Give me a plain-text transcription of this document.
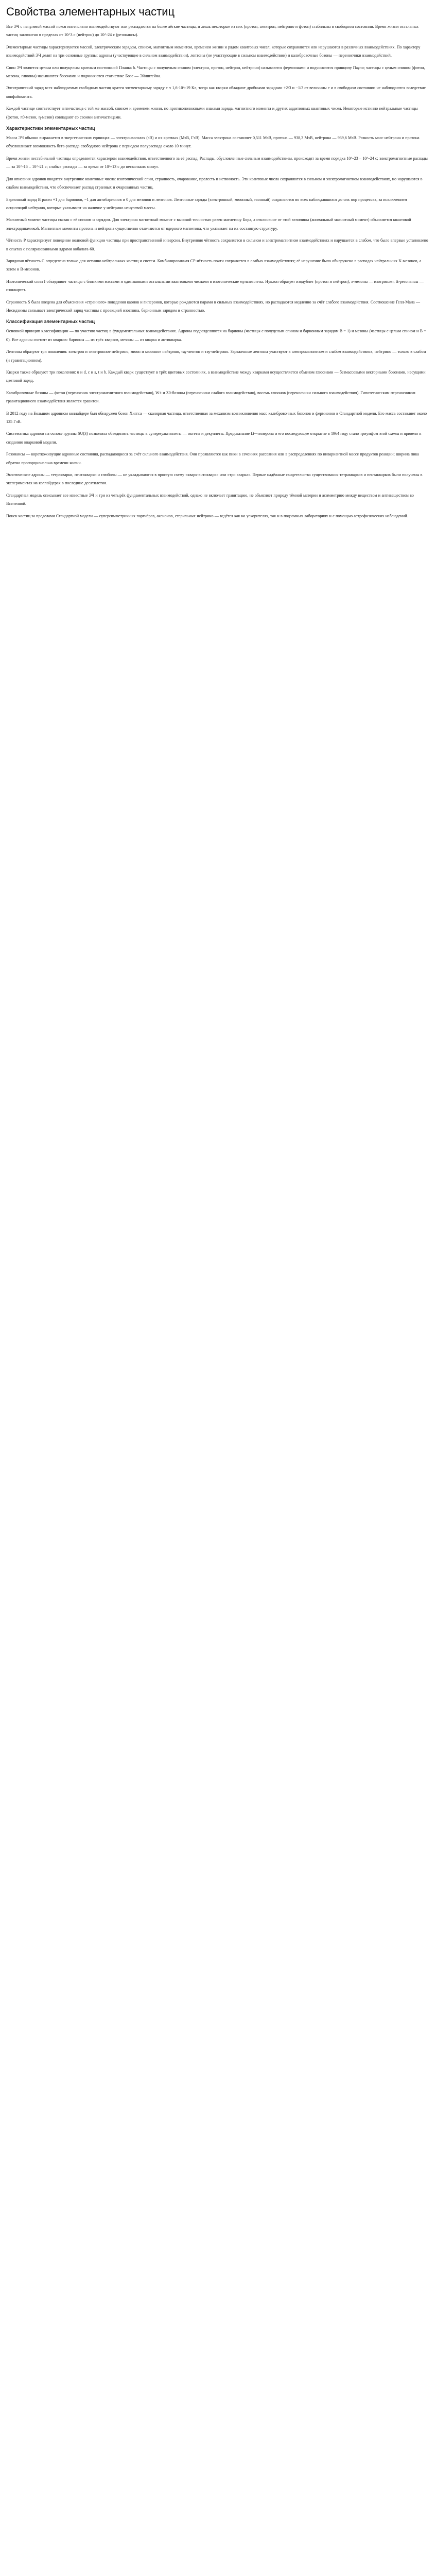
Свойства элементарных частиц

Все ЭЧ с ненулевой массой покоя интенсивно взаимодействуют или распадаются на более лёгкие частицы, и лишь некоторые из них (протон, электрон, нейтрино и фотон) стабильны в свободном состоянии. Время жизни остальных частиц заключено в пределах от 10^3 с (нейтрон) до 10^-24 с (резонансы).

Элементарные частицы характеризуются массой, электрическим зарядом, спином, магнитным моментом, временем жизни и рядом квантовых чисел, которые сохраняются или нарушаются в различных взаимодействиях. По характеру взаимодействий ЭЧ делят на три основные группы: адроны (участвующие в сильном взаимодействии), лептоны (не участвующие в сильном взаимодействии) и калибровочные бозоны — переносчики взаимодействий.

Спин ЭЧ является целым или полуцелым кратным постоянной Планка ħ. Частицы с полуцелым спином (электрон, протон, нейтрон, нейтрино) называются фермионами и подчиняются принципу Паули; частицы с целым спином (фотон, мезоны, глюоны) называются бозонами и подчиняются статистике Бозе — Эйнштейна.

Электрический заряд всех наблюдаемых свободных частиц кратен элементарному заряду e ≈ 1,6·10^-19 Кл, тогда как кварки обладают дробными зарядами +2/3 и −1/3 от величины e и в свободном состоянии не наблюдаются вследствие конфайнмента.

Каждой частице соответствует античастица с той же массой, спином и временем жизни, но противоположными знаками заряда, магнитного момента и других аддитивных квантовых чисел. Некоторые истинно нейтральные частицы (фотон, π0-мезон, η-мезон) совпадают со своими античастицами.

Характеристики элементарных частиц

Масса ЭЧ обычно выражается в энергетических единицах — электронвольтах (эВ) и их кратных (МэВ, ГэВ). Масса электрона составляет 0,511 МэВ, протона — 938,3 МэВ, нейтрона — 939,6 МэВ. Разность масс нейтрона и протона обусловливает возможность бета-распада свободного нейтрона с периодом полураспада около 10 минут.

Время жизни нестабильной частицы определяется характером взаимодействия, ответственного за её распад. Распады, обусловленные сильным взаимодействием, происходят за время порядка 10^-23 – 10^-24 с; электромагнитные распады — за 10^-16 – 10^-21 с; слабые распады — за время от 10^-13 с до нескольких минут.

Для описания адронов вводятся внутренние квантовые числа: изотопический спин, странность, очарование, прелесть и истинность. Эти квантовые числа сохраняются в сильном и электромагнитном взаимодействиях, но нарушаются в слабом взаимодействии, что обеспечивает распад странных и очарованных частиц.

Барионный заряд B равен +1 для барионов, −1 для антибарионов и 0 для мезонов и лептонов. Лептонные заряды (электронный, мюонный, таонный) сохраняются во всех наблюдавшихся до сих пор процессах, за исключением осцилляций нейтрино, которые указывают на наличие у нейтрино ненулевой массы.

Магнитный момент частицы связан с её спином и зарядом. Для электрона магнитный момент с высокой точностью равен магнетону Бора, а отклонение от этой величины (аномальный магнитный момент) объясняется квантовой электродинамикой. Магнитные моменты протона и нейтрона существенно отличаются от ядерного магнетона, что указывает на их составную структуру.

Чётность P характеризует поведение волновой функции частицы при пространственной инверсии. Внутренняя чётность сохраняется в сильном и электромагнитном взаимодействиях и нарушается в слабом, что было впервые установлено в опытах с поляризованными ядрами кобальта-60.

Зарядовая чётность C определена только для истинно нейтральных частиц и систем. Комбинированная CP-чётность почти сохраняется в слабых взаимодействиях; её нарушение было обнаружено в распадах нейтральных K-мезонов, а затем и B-мезонов.

Изотопический спин I объединяет частицы с близкими массами и одинаковыми остальными квантовыми числами в изотопические мультиплеты. Нуклон образует изодублет (протон и нейтрон), π-мезоны — изотриплет, Δ-резонансы — изоквартет.

Странность S была введена для объяснения «странного» поведения каонов и гиперонов, которые рождаются парами в сильных взаимодействиях, но распадаются медленно за счёт слабого взаимодействия. Соотношение Гелл-Мана — Нисидзимы связывает электрический заряд частицы с проекцией изоспина, барионным зарядом и странностью.

Классификация элементарных частиц

Основной принцип классификации — по участию частиц в фундаментальных взаимодействиях. Адроны подразделяются на барионы (частицы с полуцелым спином и барионным зарядом B = 1) и мезоны (частицы с целым спином и B = 0). Все адроны состоят из кварков: барионы — из трёх кварков, мезоны — из кварка и антикварка.

Лептоны образуют три поколения: электрон и электронное нейтрино, мюон и мюонное нейтрино, тау-лептон и тау-нейтрино. Заряженные лептоны участвуют в электромагнитном и слабом взаимодействиях, нейтрино — только в слабом (и гравитационном).

Кварки также образуют три поколения: u и d, c и s, t и b. Каждый кварк существует в трёх цветовых состояниях, а взаимодействие между кварками осуществляется обменом глюонами — безмассовыми векторными бозонами, несущими цветовой заряд.

Калибровочные бозоны — фотон (переносчик электромагнитного взаимодействия), W± и Z0-бозоны (переносчики слабого взаимодействия), восемь глюонов (переносчики сильного взаимодействия). Гипотетическим переносчиком гравитационного взаимодействия является гравитон.

В 2012 году на Большом адронном коллайдере был обнаружен бозон Хиггса — скалярная частица, ответственная за механизм возникновения масс калибровочных бозонов и фермионов в Стандартной модели. Его масса составляет около 125 ГэВ.

Систематика адронов на основе группы SU(3) позволила объединить частицы в супермультиплеты — октеты и декуплеты. Предсказание Ω−-гиперона и его последующее открытие в 1964 году стало триумфом этой схемы и привело к созданию кварковой модели.

Резонансы — короткоживущие адронные состояния, распадающиеся за счёт сильного взаимодействия. Они проявляются как пики в сечениях рассеяния или в распределениях по инвариантной массе продуктов реакции; ширина пика обратно пропорциональна времени жизни.

Экзотические адроны — тетракварки, пентакварки и глюболы — не укладываются в простую схему «кварк-антикварк» или «три кварка». Первые надёжные свидетельства существования тетракварков и пентакварков были получены в экспериментах на коллайдерах в последние десятилетия.

Стандартная модель описывает все известные ЭЧ и три из четырёх фундаментальных взаимодействий, однако не включает гравитацию, не объясняет природу тёмной материи и асимметрию между веществом и антивеществом во Вселенной.

Поиск частиц за пределами Стандартной модели — суперсимметричных партнёров, аксионов, стерильных нейтрино — ведётся как на ускорителях, так и в подземных лабораториях и с помощью астрофизических наблюдений.
